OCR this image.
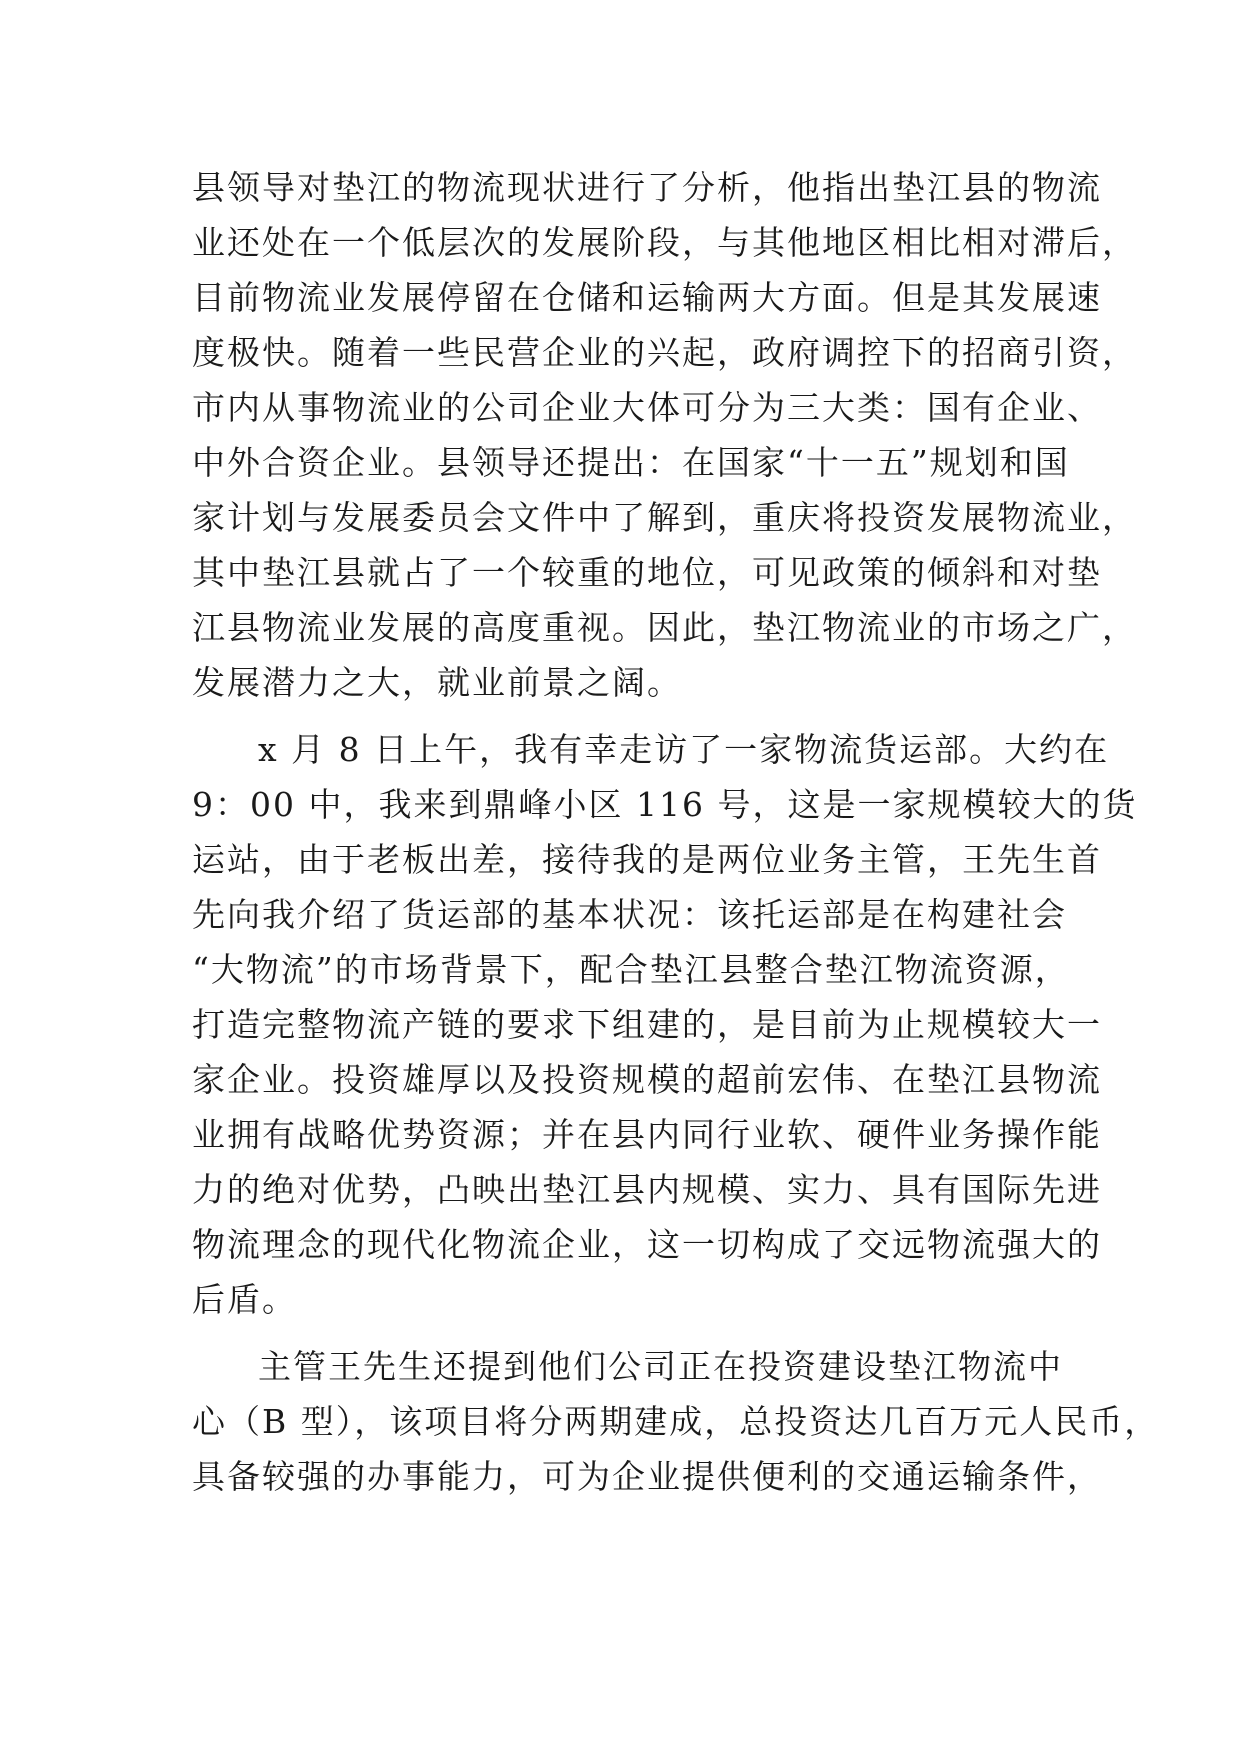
县领导对垫江的物流现状进行了分析，他指出垫江县的物流
业还处在一个低层次的发展阶段，与其他地区相比相对滞后，
目前物流业发展停留在仓储和运输两大方面。但是其发展速
度极快。随着一些民营企业的兴起，政府调控下的招商引资，
市内从事物流业的公司企业大体可分为三大类：国有企业、
中外合资企业。县领导还提出：在国家“十一五”规划和国
家计划与发展委员会文件中了解到，重庆将投资发展物流业，
其中垫江县就占了一个较重的地位，可见政策的倾斜和对垫
江县物流业发展的高度重视。因此，垫江物流业的市场之广，
发展潜力之大，就业前景之阔。
x 月 8 日上午，我有幸走访了一家物流货运部。大约在
9：00 中，我来到鼎峰小区 116 号，这是一家规模较大的货
运站，由于老板出差，接待我的是两位业务主管，王先生首
先向我介绍了货运部的基本状况：该托运部是在构建社会
“大物流”的市场背景下，配合垫江县整合垫江物流资源，
打造完整物流产链的要求下组建的，是目前为止规模较大一
家企业。投资雄厚以及投资规模的超前宏伟、在垫江县物流
业拥有战略优势资源；并在县内同行业软、硬件业务操作能
力的绝对优势，凸映出垫江县内规模、实力、具有国际先进
物流理念的现代化物流企业，这一切构成了交远物流强大的
后盾。
主管王先生还提到他们公司正在投资建设垫江物流中
心（B 型），该项目将分两期建成，总投资达几百万元人民币，
具备较强的办事能力，可为企业提供便利的交通运输条件，
